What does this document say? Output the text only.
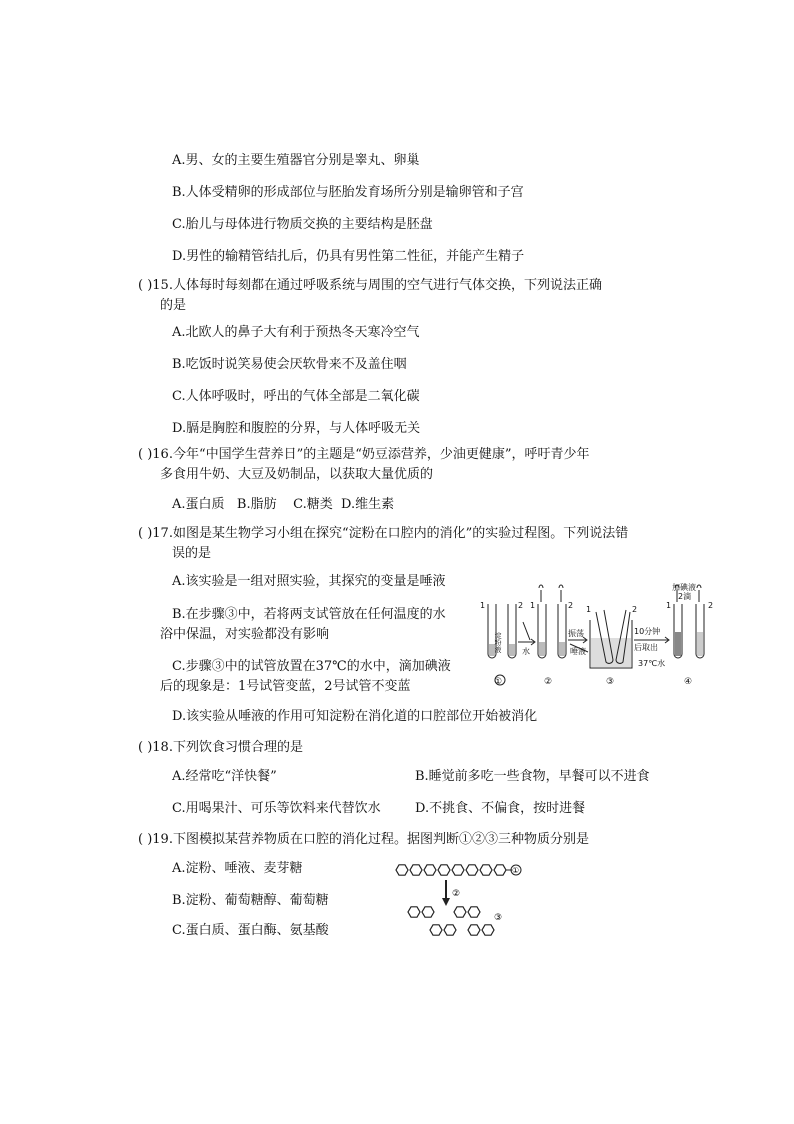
A.男、女的主要生殖器官分别是睾丸、卵巢
B.人体受精卵的形成部位与胚胎发育场所分别是输卵管和子宫
C.胎儿与母体进行物质交换的主要结构是胚盘
D.男性的输精管结扎后，仍具有男性第二性征，并能产生精子
( )15.人体每时每刻都在通过呼吸系统与周围的空气进行气体交换，下列说法正确
的是
A.北欧人的鼻子大有利于预热冬天寒冷空气
B.吃饭时说笑易使会厌软骨来不及盖住咽
C.人体呼吸时，呼出的气体全部是二氧化碳
D.膈是胸腔和腹腔的分界，与人体呼吸无关
( )16.今年“中国学生营养日”的主题是“奶豆添营养，少油更健康”，呼吁青少年
多食用牛奶、大豆及奶制品，以获取大量优质的
A.蛋白质   B.脂肪    C.糖类  D.维生素
( )17.如图是某生物学习小组在探究“淀粉在口腔内的消化”的实验过程图。下列说法错
误的是
A.该实验是一组对照实验，其探究的变量是唾液
B.在步骤③中，若将两支试管放在任何温度的水
浴中保温，对实验都没有影响
C.步骤③中的试管放置在37℃的水中，滴加碘液
后的现象是：1号试管变蓝，2号试管不变蓝
D.该实验从唾液的作用可知淀粉在消化道的口腔部位开始被消化
1	2 1	2 1	2	1	2
淀粉液	水	唾液
振荡	10分钟
后取出
37℃水
加碘液
2滴
①	②	③	④
( )18.下列饮食习惯合理的是
A.经常吃“洋快餐”	B.睡觉前多吃一些食物，早餐可以不进食
C.用喝果汁、可乐等饮料来代替饮水	D.不挑食、不偏食，按时进餐
( )19.下图模拟某营养物质在口腔的消化过程。据图判断①②③三种物质分别是
A.淀粉、唾液、麦芽糖
B.淀粉、葡萄糖醇、葡萄糖
C.蛋白质、蛋白酶、氨基酸
①
②
③
